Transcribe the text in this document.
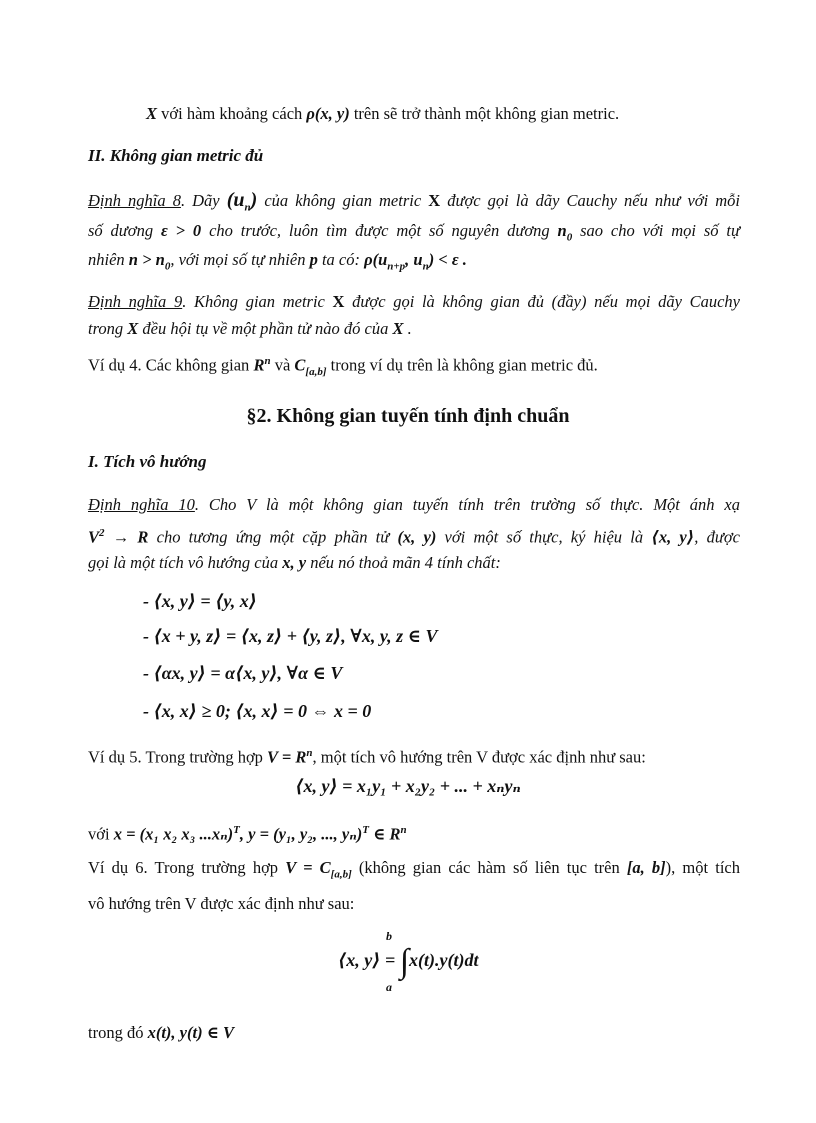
X với hàm khoảng cách ρ(x, y) trên sẽ trở thành một không gian metric.
II. Không gian metric đủ
Định nghĩa 8. Dãy $(u_n)$ của không gian metric X được gọi là dãy Cauchy nếu như với mỗi
số dương ε > 0 cho trước, luôn tìm được một số nguyên dương $n_0$ sao cho với mọi số tự
nhiên $n > n_0$, với mọi số tự nhiên p ta có: $\rho(u_{n+p}$, $u_n) < \varepsilon$ .
Định nghĩa 9. Không gian metric X được gọi là không gian đủ (đầy) nếu mọi dãy Cauchy
trong X đều hội tụ về một phần tử nào đó của X .
Ví dụ 4. Các không gian $R^n$ và $C_{[a,b]}$ trong ví dụ trên là không gian metric đủ.
§2. Không gian tuyến tính định chuẩn
I. Tích vô hướng
Định nghĩa 10. Cho V là một không gian tuyến tính trên trường số thực. Một ánh xạ
$V^2 \to R$ cho tương ứng một cặp phần tử (x, y) với một số thực, ký hiệu là ⟨x, y⟩, được
gọi là một tích vô hướng của x, y nếu nó thoả mãn 4 tính chất:
- ⟨x, y⟩ = ⟨y, x⟩
- ⟨x + y, z⟩ = ⟨x, z⟩ + ⟨y, z⟩, ∀x, y, z ∈ V
- ⟨αx, y⟩ = α⟨x, y⟩, ∀α ∈ V
- ⟨x, x⟩ ≥ 0; ⟨x, x⟩ = 0 ⇔ x = 0
Ví dụ 5. Trong trường hợp $V = R^n$, một tích vô hướng trên V được xác định như sau:
⟨x, y⟩ = x₁y₁ + x₂y₂ + ... + xₙyₙ
với x = (x₁ x₂ x₃ ...xₙ)$^T$, y = (y₁, y₂, ..., yₙ)$^T$ ∈ $R^n$
Ví dụ 6. Trong trường hợp $V = C_{[a,b]}$ (không gian các hàm số liên tục trên [a, b]), một tích
vô hướng trên V được xác định như sau:
b
⟨x, y⟩ = ∫x(t).y(t)dt
a
trong đó x(t), y(t) ∈ V
